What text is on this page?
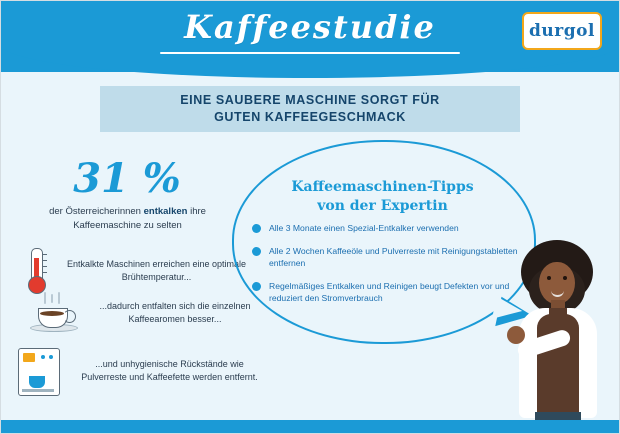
Kaffeestudie	durgol
EINE SAUBERE MASCHINE SORGT FÜR
GUTEN KAFFEEGESCHMACK
31 %
der Österreicherinnen entkalken ihre Kaffeemaschine zu selten
Entkalkte Maschinen erreichen eine optimale Brühtemperatur...
...dadurch entfalten sich die einzelnen Kaffeearomen besser...
...und unhygienische Rückstände wie Pulverreste und Kaffeefette werden entfernt.
Kaffeemaschinen-Tipps
von der Expertin
Alle 3 Monate einen Spezial-Entkalker verwenden
Alle 2 Wochen Kaffeeöle und Pulverreste mit Reinigungstabletten entfernen
Regelmäßiges Entkalken und Reinigen beugt Defekten vor und reduziert den Stromverbrauch
